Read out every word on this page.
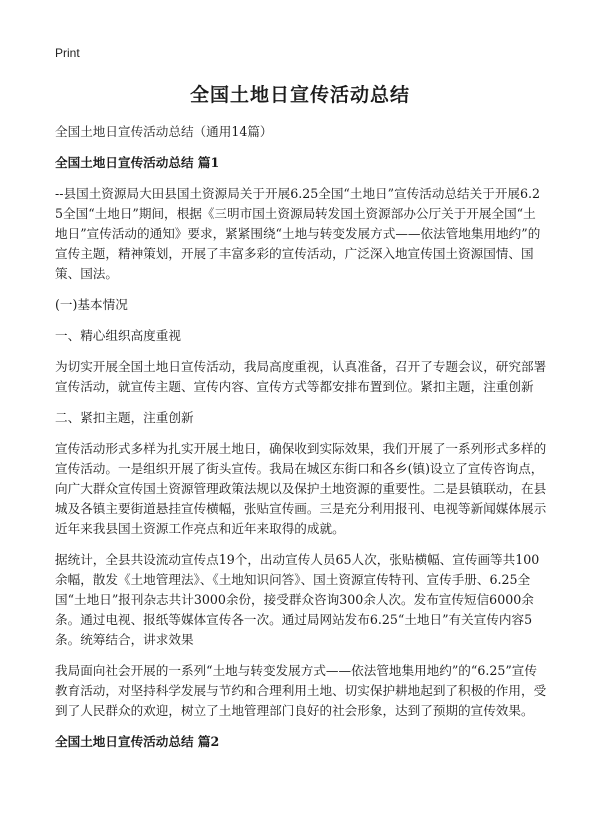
Print
全国土地日宣传活动总结

全国土地日宣传活动总结（通用14篇）

全国土地日宣传活动总结 篇1

--县国土资源局大田县国土资源局关于开展6.25全国“土地日”宣传活动总结关于开展6.25全国“土地日”期间，根据《三明市国土资源局转发国土资源部办公厅关于开展全国“土地日”宣传活动的通知》要求，紧紧围绕“土地与转变发展方式——依法管地集用地约”的宣传主题，精神策划，开展了丰富多彩的宣传活动，广泛深入地宣传国土资源国情、国策、国法。

(一)基本情况

一、精心组织高度重视

为切实开展全国土地日宣传活动，我局高度重视，认真准备，召开了专题会议，研究部署宣传活动，就宣传主题、宣传内容、宣传方式等都安排布置到位。紧扣主题，注重创新

二、紧扣主题，注重创新

宣传活动形式多样为扎实开展土地日，确保收到实际效果，我们开展了一系列形式多样的宣传活动。一是组织开展了街头宣传。我局在城区东街口和各乡(镇)设立了宣传咨询点，向广大群众宣传国土资源管理政策法规以及保护土地资源的重要性。二是县镇联动，在县城及各镇主要街道悬挂宣传横幅，张贴宣传画。三是充分利用报刊、电视等新闻媒体展示近年来我县国土资源工作亮点和近年来取得的成就。

据统计，全县共设流动宣传点19个，出动宣传人员65人次，张贴横幅、宣传画等共100余幅，散发《土地管理法》、《土地知识问答》、国土资源宣传特刊、宣传手册、6.25全国“土地日”报刊杂志共计3000余份，接受群众咨询300余人次。发布宣传短信6000余条。通过电视、报纸等媒体宣传各一次。通过局网站发布6.25“土地日”有关宣传内容5条。统筹结合，讲求效果

我局面向社会开展的一系列“土地与转变发展方式——依法管地集用地约”的“6.25”宣传教育活动，对坚持科学发展与节约和合理利用土地、切实保护耕地起到了积极的作用，受到了人民群众的欢迎，树立了土地管理部门良好的社会形象，达到了预期的宣传效果。

全国土地日宣传活动总结 篇2
